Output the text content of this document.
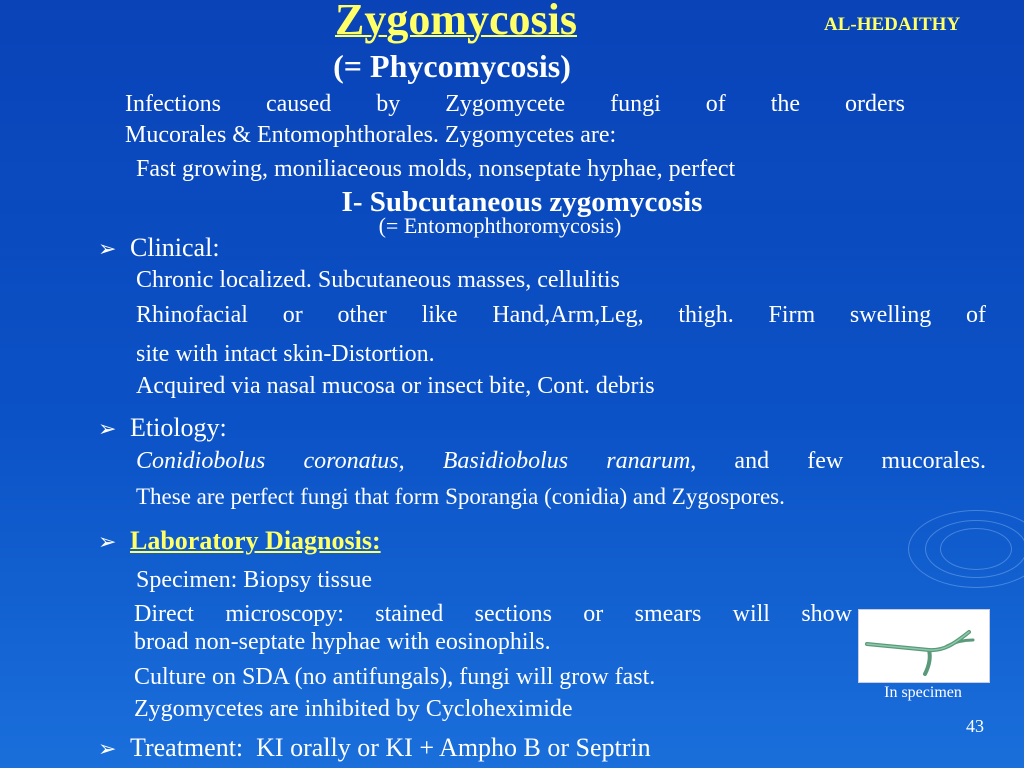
Zygomycosis
(= Phycomycosis)
AL-HEDAITHY
Infections caused by Zygomycete fungi of the orders
Mucorales & Entomophthorales. Zygomycetes are:
Fast growing, moniliaceous molds, nonseptate hyphae, perfect
I- Subcutaneous zygomycosis
(= Entomophthoromycosis)
➢ Clinical:
Chronic localized. Subcutaneous masses, cellulitis
Rhinofacial or other like Hand,Arm,Leg, thigh. Firm swelling of
site with intact skin-Distortion.
Acquired via nasal mucosa or insect bite, Cont. debris
➢ Etiology:
Conidiobolus coronatus, Basidiobolus ranarum, and few mucorales.
These are perfect fungi that form Sporangia (conidia) and Zygospores.
➢ Laboratory Diagnosis:
Specimen: Biopsy tissue
Direct microscopy: stained sections or smears will show
broad non-septate hyphae with eosinophils.
Culture on SDA (no antifungals), fungi will grow fast.
Zygomycetes are inhibited by Cycloheximide
➢ Treatment: KI orally or KI + Ampho B or Septrin
In specimen
43
